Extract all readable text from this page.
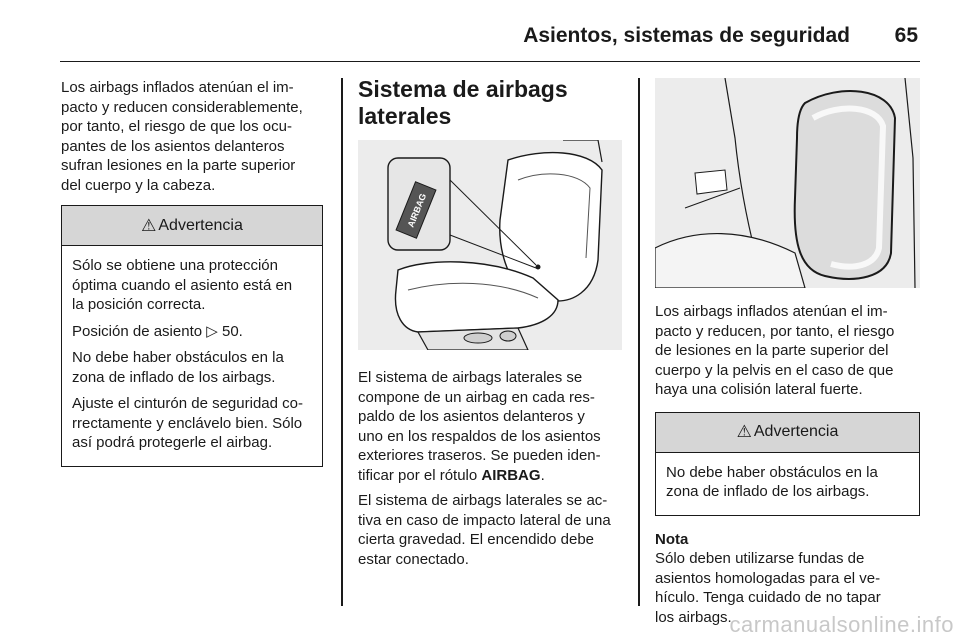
Asientos, sistemas de seguridad 65
Los airbags inflados atenúan el im-
pacto y reducen considerablemente,
por tanto, el riesgo de que los ocu-
pantes de los asientos delanteros
sufran lesiones en la parte superior
del cuerpo y la cabeza.
⚠ Advertencia
Sólo se obtiene una protección
óptima cuando el asiento está en
la posición correcta.
Posición de asiento ▷ 50.
No debe haber obstáculos en la
zona de inflado de los airbags.
Ajuste el cinturón de seguridad co-
rrectamente y enclávelo bien. Sólo
así podrá protegerle el airbag.
Sistema de airbags
laterales
AIRBAG
El sistema de airbags laterales se
compone de un airbag en cada res-
paldo de los asientos delanteros y
uno en los respaldos de los asientos
exteriores traseros. Se pueden iden-
tificar por el rótulo AIRBAG.
El sistema de airbags laterales se ac-
tiva en caso de impacto lateral de una
cierta gravedad. El encendido debe
estar conectado.
Los airbags inflados atenúan el im-
pacto y reducen, por tanto, el riesgo
de lesiones en la parte superior del
cuerpo y la pelvis en el caso de que
haya una colisión lateral fuerte.
⚠ Advertencia
No debe haber obstáculos en la
zona de inflado de los airbags.
Nota
Sólo deben utilizarse fundas de
asientos homologadas para el ve-
hículo. Tenga cuidado de no tapar
los airbags.
carmanualsonline.info
